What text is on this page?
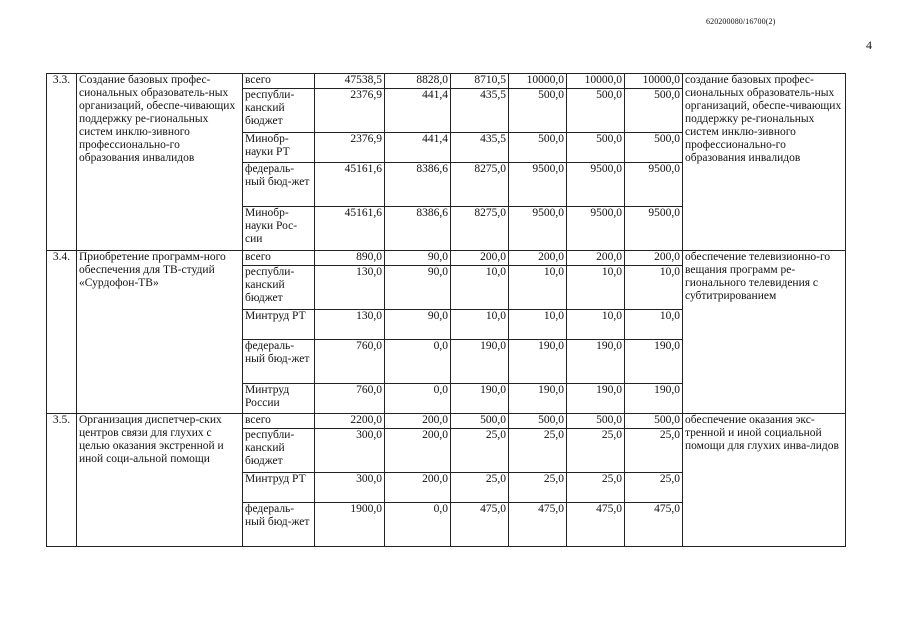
620200080/16700(2)
4
3.3.	Создание базовых профес-сиональных образователь-ных организаций, обеспе-чивающих поддержку ре-гиональных систем инклю-зивного профессионально-го образования инвалидов	всего	47538,5	8828,0	8710,5	10000,0	10000,0	10000,0	создание базовых профес-сиональных образователь-ных организаций, обеспе-чивающих поддержку ре-гиональных систем инклю-зивного профессионально-го образования инвалидов
		республи-канский бюджет	2376,9	441,4	435,5	500,0	500,0	500,0	
		Минобр-науки РТ	2376,9	441,4	435,5	500,0	500,0	500,0	
		федераль-ный бюд-жет	45161,6	8386,6	8275,0	9500,0	9500,0	9500,0	
		Минобр-науки Рос-сии	45161,6	8386,6	8275,0	9500,0	9500,0	9500,0	
3.4.	Приобретение программ-ного обеспечения для ТВ-студий «Сурдофон-ТВ»	всего	890,0	90,0	200,0	200,0	200,0	200,0	обеспечение телевизионно-го вещания программ ре-гионального телевидения с субтитрированием
		республи-канский бюджет	130,0	90,0	10,0	10,0	10,0	10,0	
		Минтруд РТ	130,0	90,0	10,0	10,0	10,0	10,0	
		федераль-ный бюд-жет	760,0	0,0	190,0	190,0	190,0	190,0	
		Минтруд России	760,0	0,0	190,0	190,0	190,0	190,0	
3.5.	Организация диспетчер-ских центров связи для глухих с целью оказания экстренной и иной соци-альной помощи	всего	2200,0	200,0	500,0	500,0	500,0	500,0	обеспечение оказания экс-тренной и иной социальной помощи для глухих инва-лидов
		республи-канский бюджет	300,0	200,0	25,0	25,0	25,0	25,0	
		Минтруд РТ	300,0	200,0	25,0	25,0	25,0	25,0	
		федераль-ный бюд-жет	1900,0	0,0	475,0	475,0	475,0	475,0	
